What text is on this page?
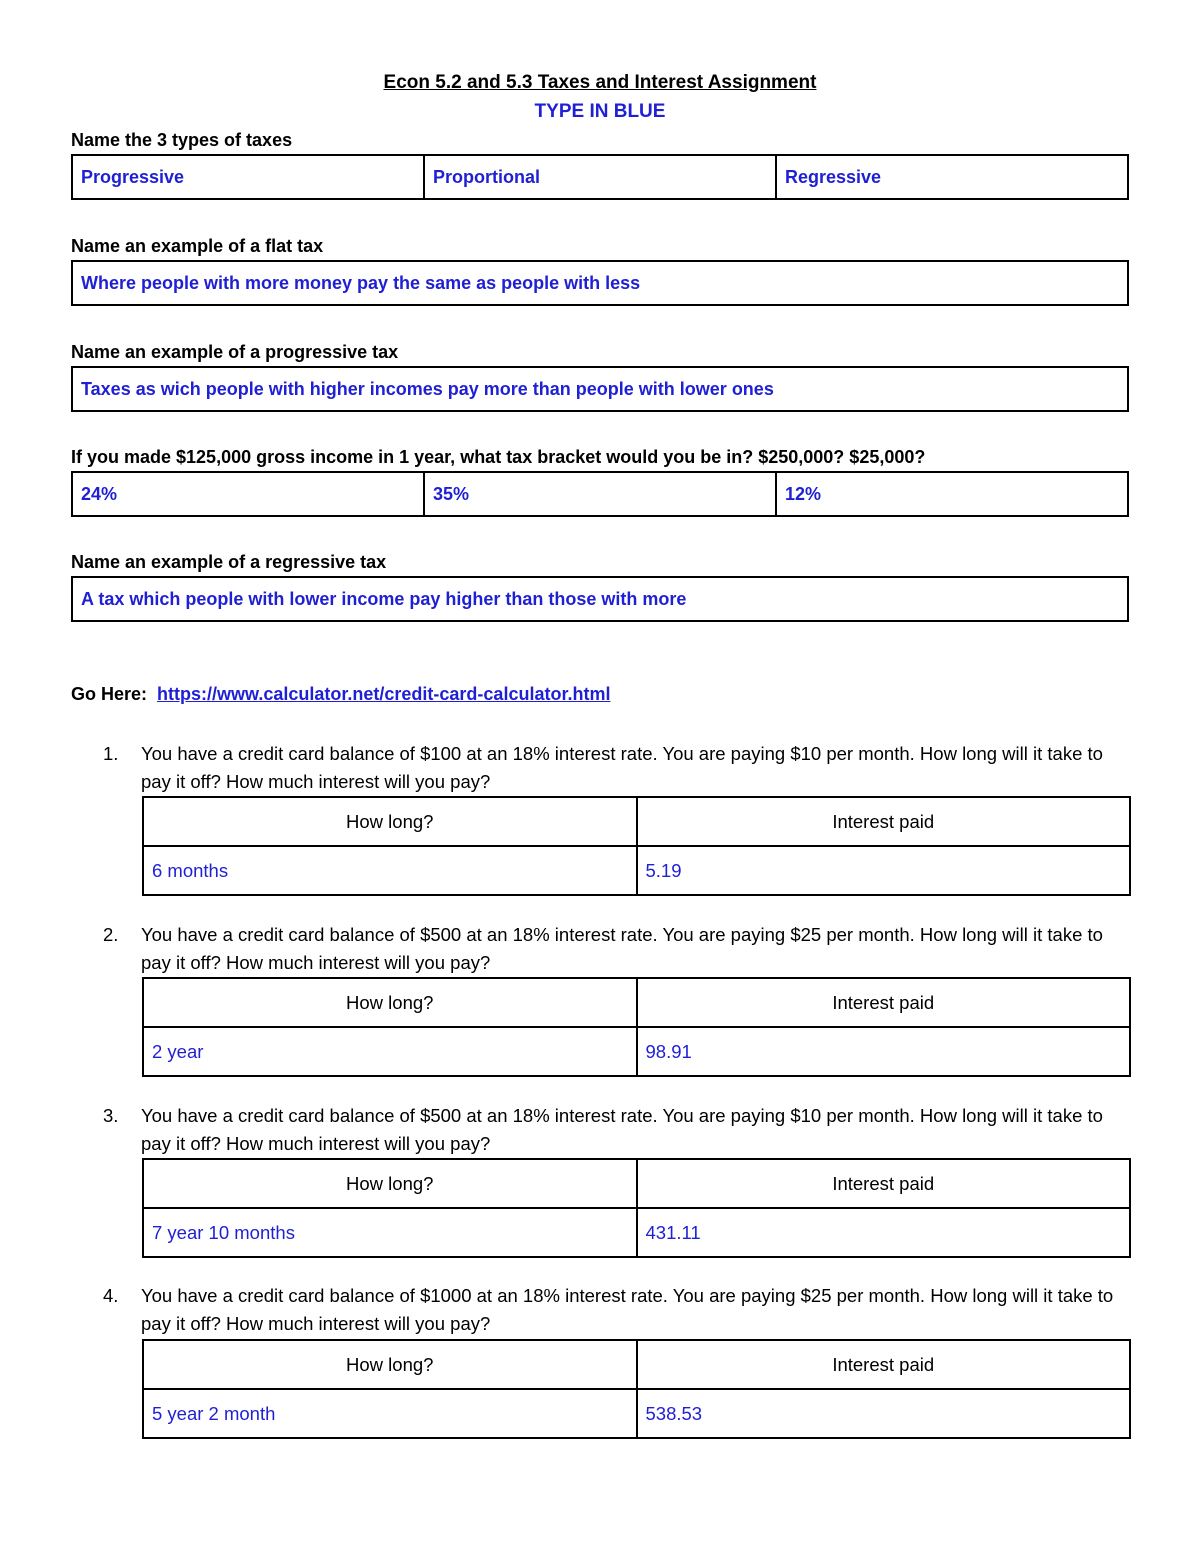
Econ 5.2 and 5.3 Taxes and Interest Assignment
TYPE IN BLUE
Name the 3 types of taxes
Progressive	Proportional	Regressive
Name an example of a flat tax
Where people with more money pay the same as people with less
Name an example of a progressive tax
Taxes as wich people with higher incomes pay more than people with lower ones
If you made $125,000 gross income in 1 year, what tax bracket would you be in? $250,000? $25,000?
24%	35%	12%
Name an example of a regressive tax
A tax which people with lower income pay higher than those with more
Go Here: https://www.calculator.net/credit-card-calculator.html
1.	You have a credit card balance of $100 at an 18% interest rate. You are paying $10 per month. How long will it take to pay it off? How much interest will you pay?
How long?	Interest paid
6 months	5.19
2.	You have a credit card balance of $500 at an 18% interest rate. You are paying $25 per month. How long will it take to pay it off? How much interest will you pay?
How long?	Interest paid
2 year	98.91
3.	You have a credit card balance of $500 at an 18% interest rate. You are paying $10 per month. How long will it take to pay it off? How much interest will you pay?
How long?	Interest paid
7 year 10 months	431.11
4.	You have a credit card balance of $1000 at an 18% interest rate. You are paying $25 per month. How long will it take to pay it off? How much interest will you pay?
How long?	Interest paid
5 year 2 month	538.53
